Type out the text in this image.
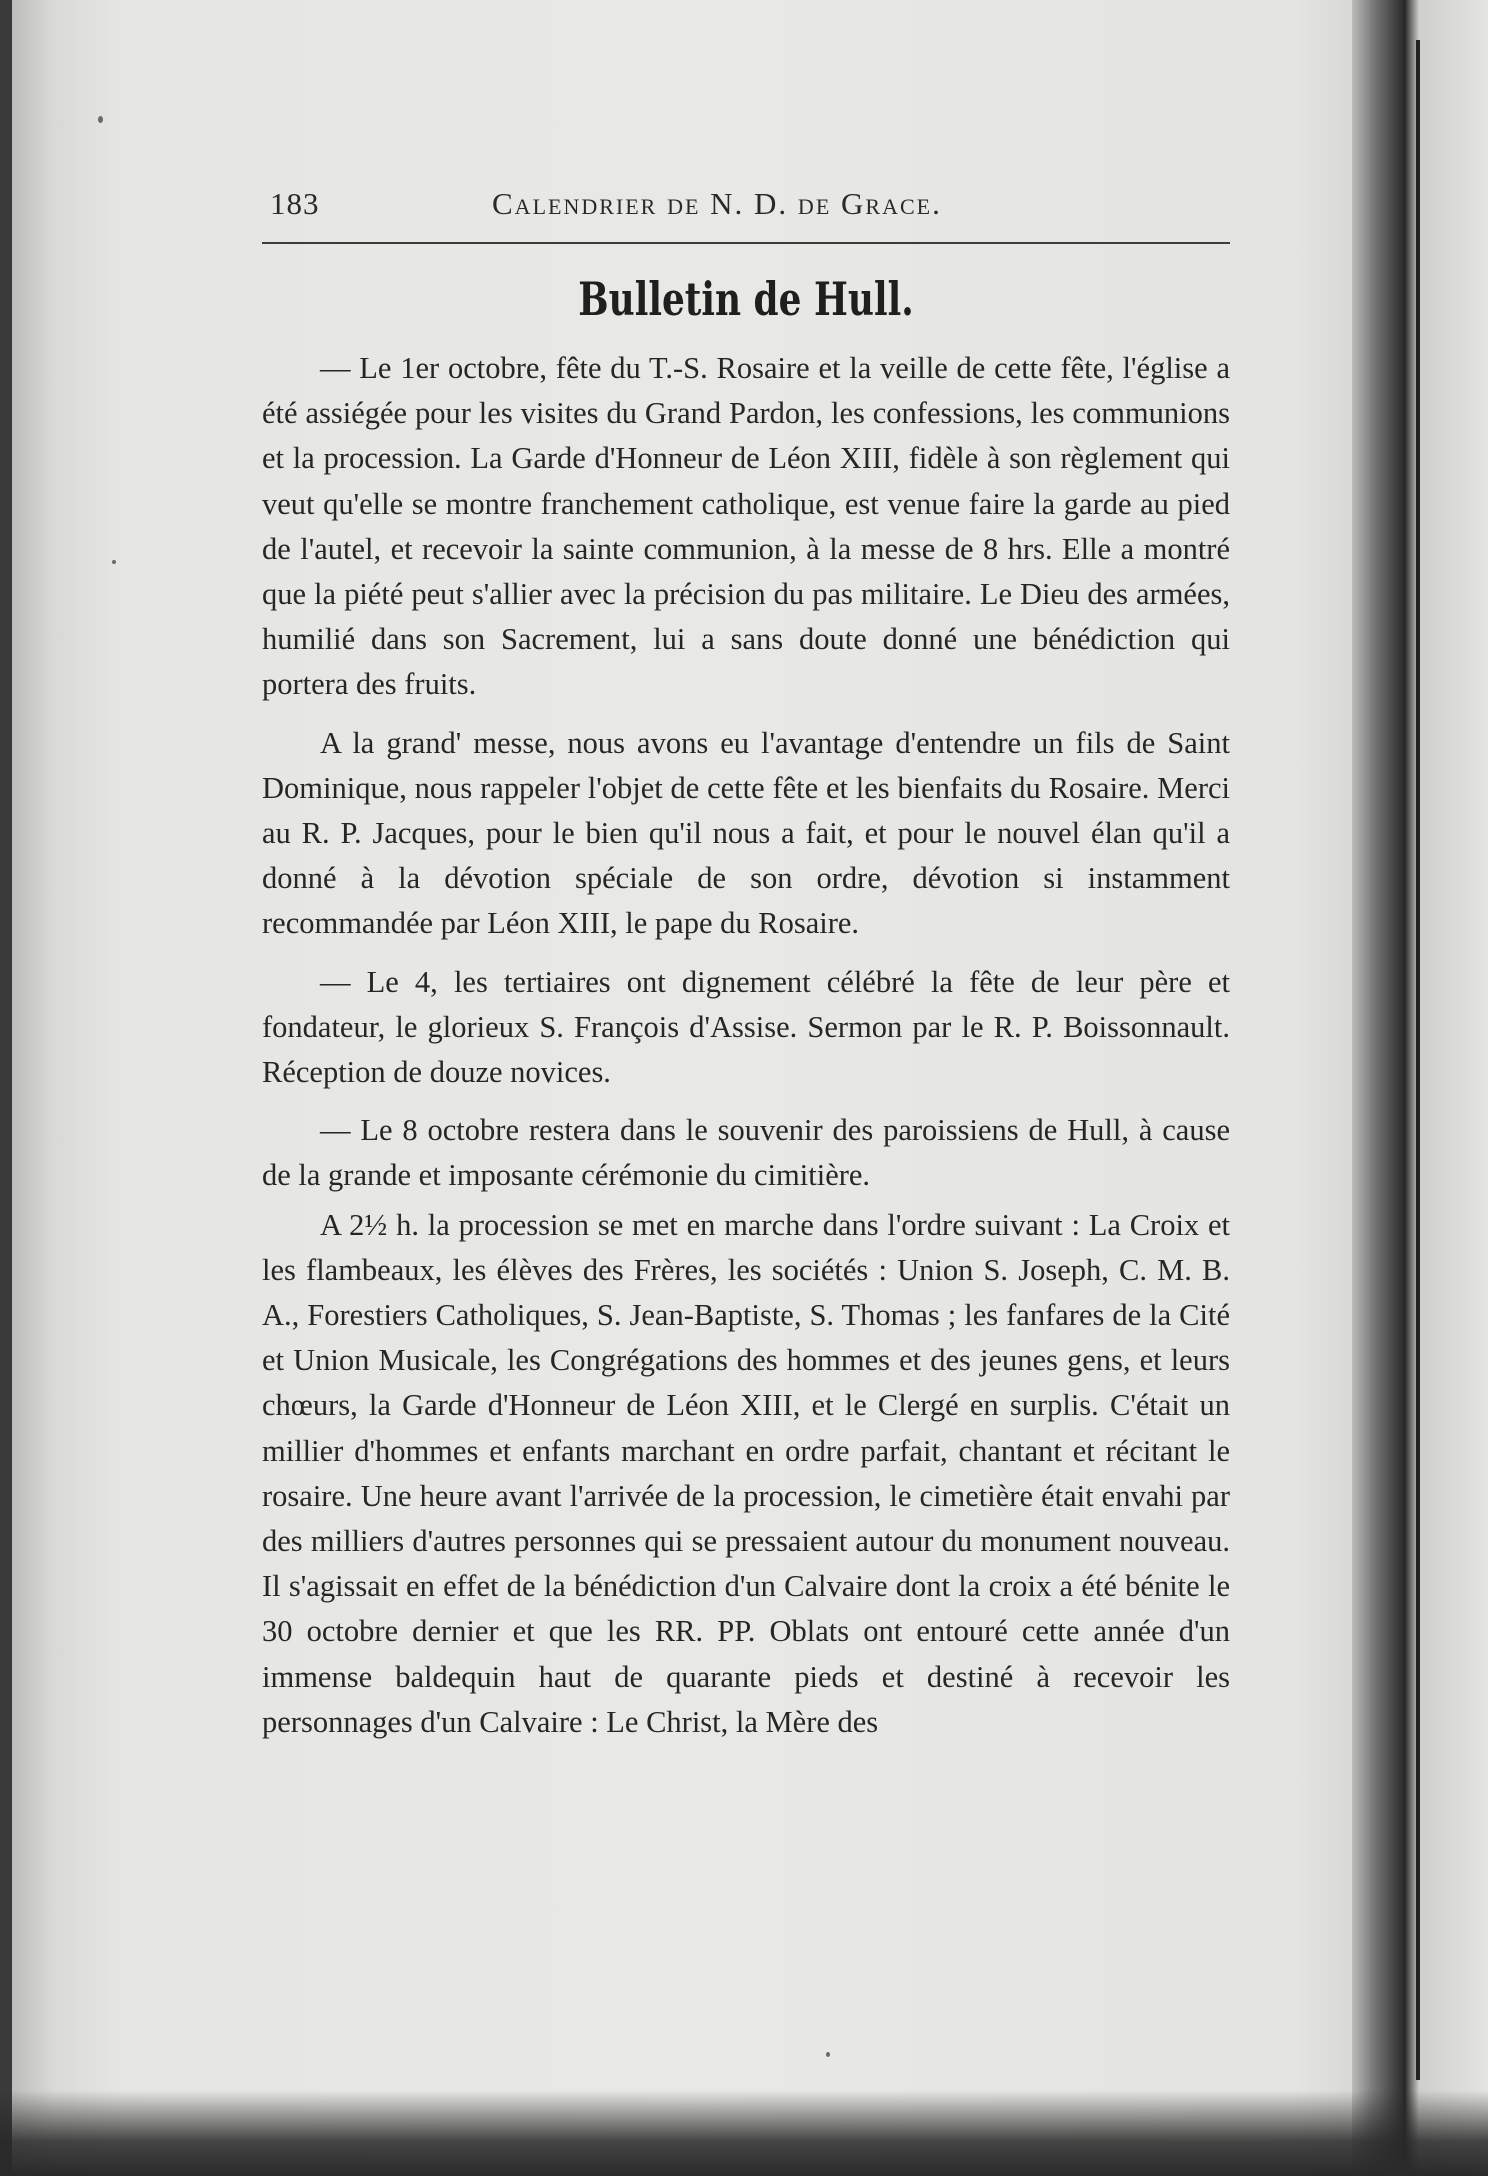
183	Calendrier de N. D. de Grace.
Bulletin de Hull.

— Le 1er octobre, fête du T.-S. Rosaire et la veille de cette fête, l'église a été assiégée pour les visites du Grand Pardon, les confessions, les communions et la procession. La Garde d'Honneur de Léon XIII, fidèle à son règlement qui veut qu'elle se montre franchement catholique, est venue faire la garde au pied de l'autel, et recevoir la sainte communion, à la messe de 8 hrs. Elle a montré que la piété peut s'allier avec la précision du pas militaire. Le Dieu des armées, humilié dans son Sacrement, lui a sans doute donné une bénédiction qui portera des fruits.

A la grand' messe, nous avons eu l'avantage d'entendre un fils de Saint Dominique, nous rappeler l'objet de cette fête et les bienfaits du Rosaire. Merci au R. P. Jacques, pour le bien qu'il nous a fait, et pour le nouvel élan qu'il a donné à la dévotion spéciale de son ordre, dévotion si instamment recommandée par Léon XIII, le pape du Rosaire.

— Le 4, les tertiaires ont dignement célébré la fête de leur père et fondateur, le glorieux S. François d'Assise. Sermon par le R. P. Boissonnault. Réception de douze novices.

— Le 8 octobre restera dans le souvenir des paroissiens de Hull, à cause de la grande et imposante cérémonie du cimitière.

A 2½ h. la procession se met en marche dans l'ordre suivant : La Croix et les flambeaux, les élèves des Frères, les sociétés : Union S. Joseph, C. M. B. A., Forestiers Catholiques, S. Jean-Baptiste, S. Thomas ; les fanfares de la Cité et Union Musicale, les Congrégations des hommes et des jeunes gens, et leurs chœurs, la Garde d'Honneur de Léon XIII, et le Clergé en surplis. C'était un millier d'hommes et enfants marchant en ordre parfait, chantant et récitant le rosaire. Une heure avant l'arrivée de la procession, le cimetière était envahi par des milliers d'autres personnes qui se pressaient autour du monument nouveau. Il s'agissait en effet de la bénédiction d'un Calvaire dont la croix a été bénite le 30 octobre dernier et que les RR. PP. Oblats ont entouré cette année d'un immense baldequin haut de quarante pieds et destiné à recevoir les personnages d'un Calvaire : Le Christ, la Mère des
